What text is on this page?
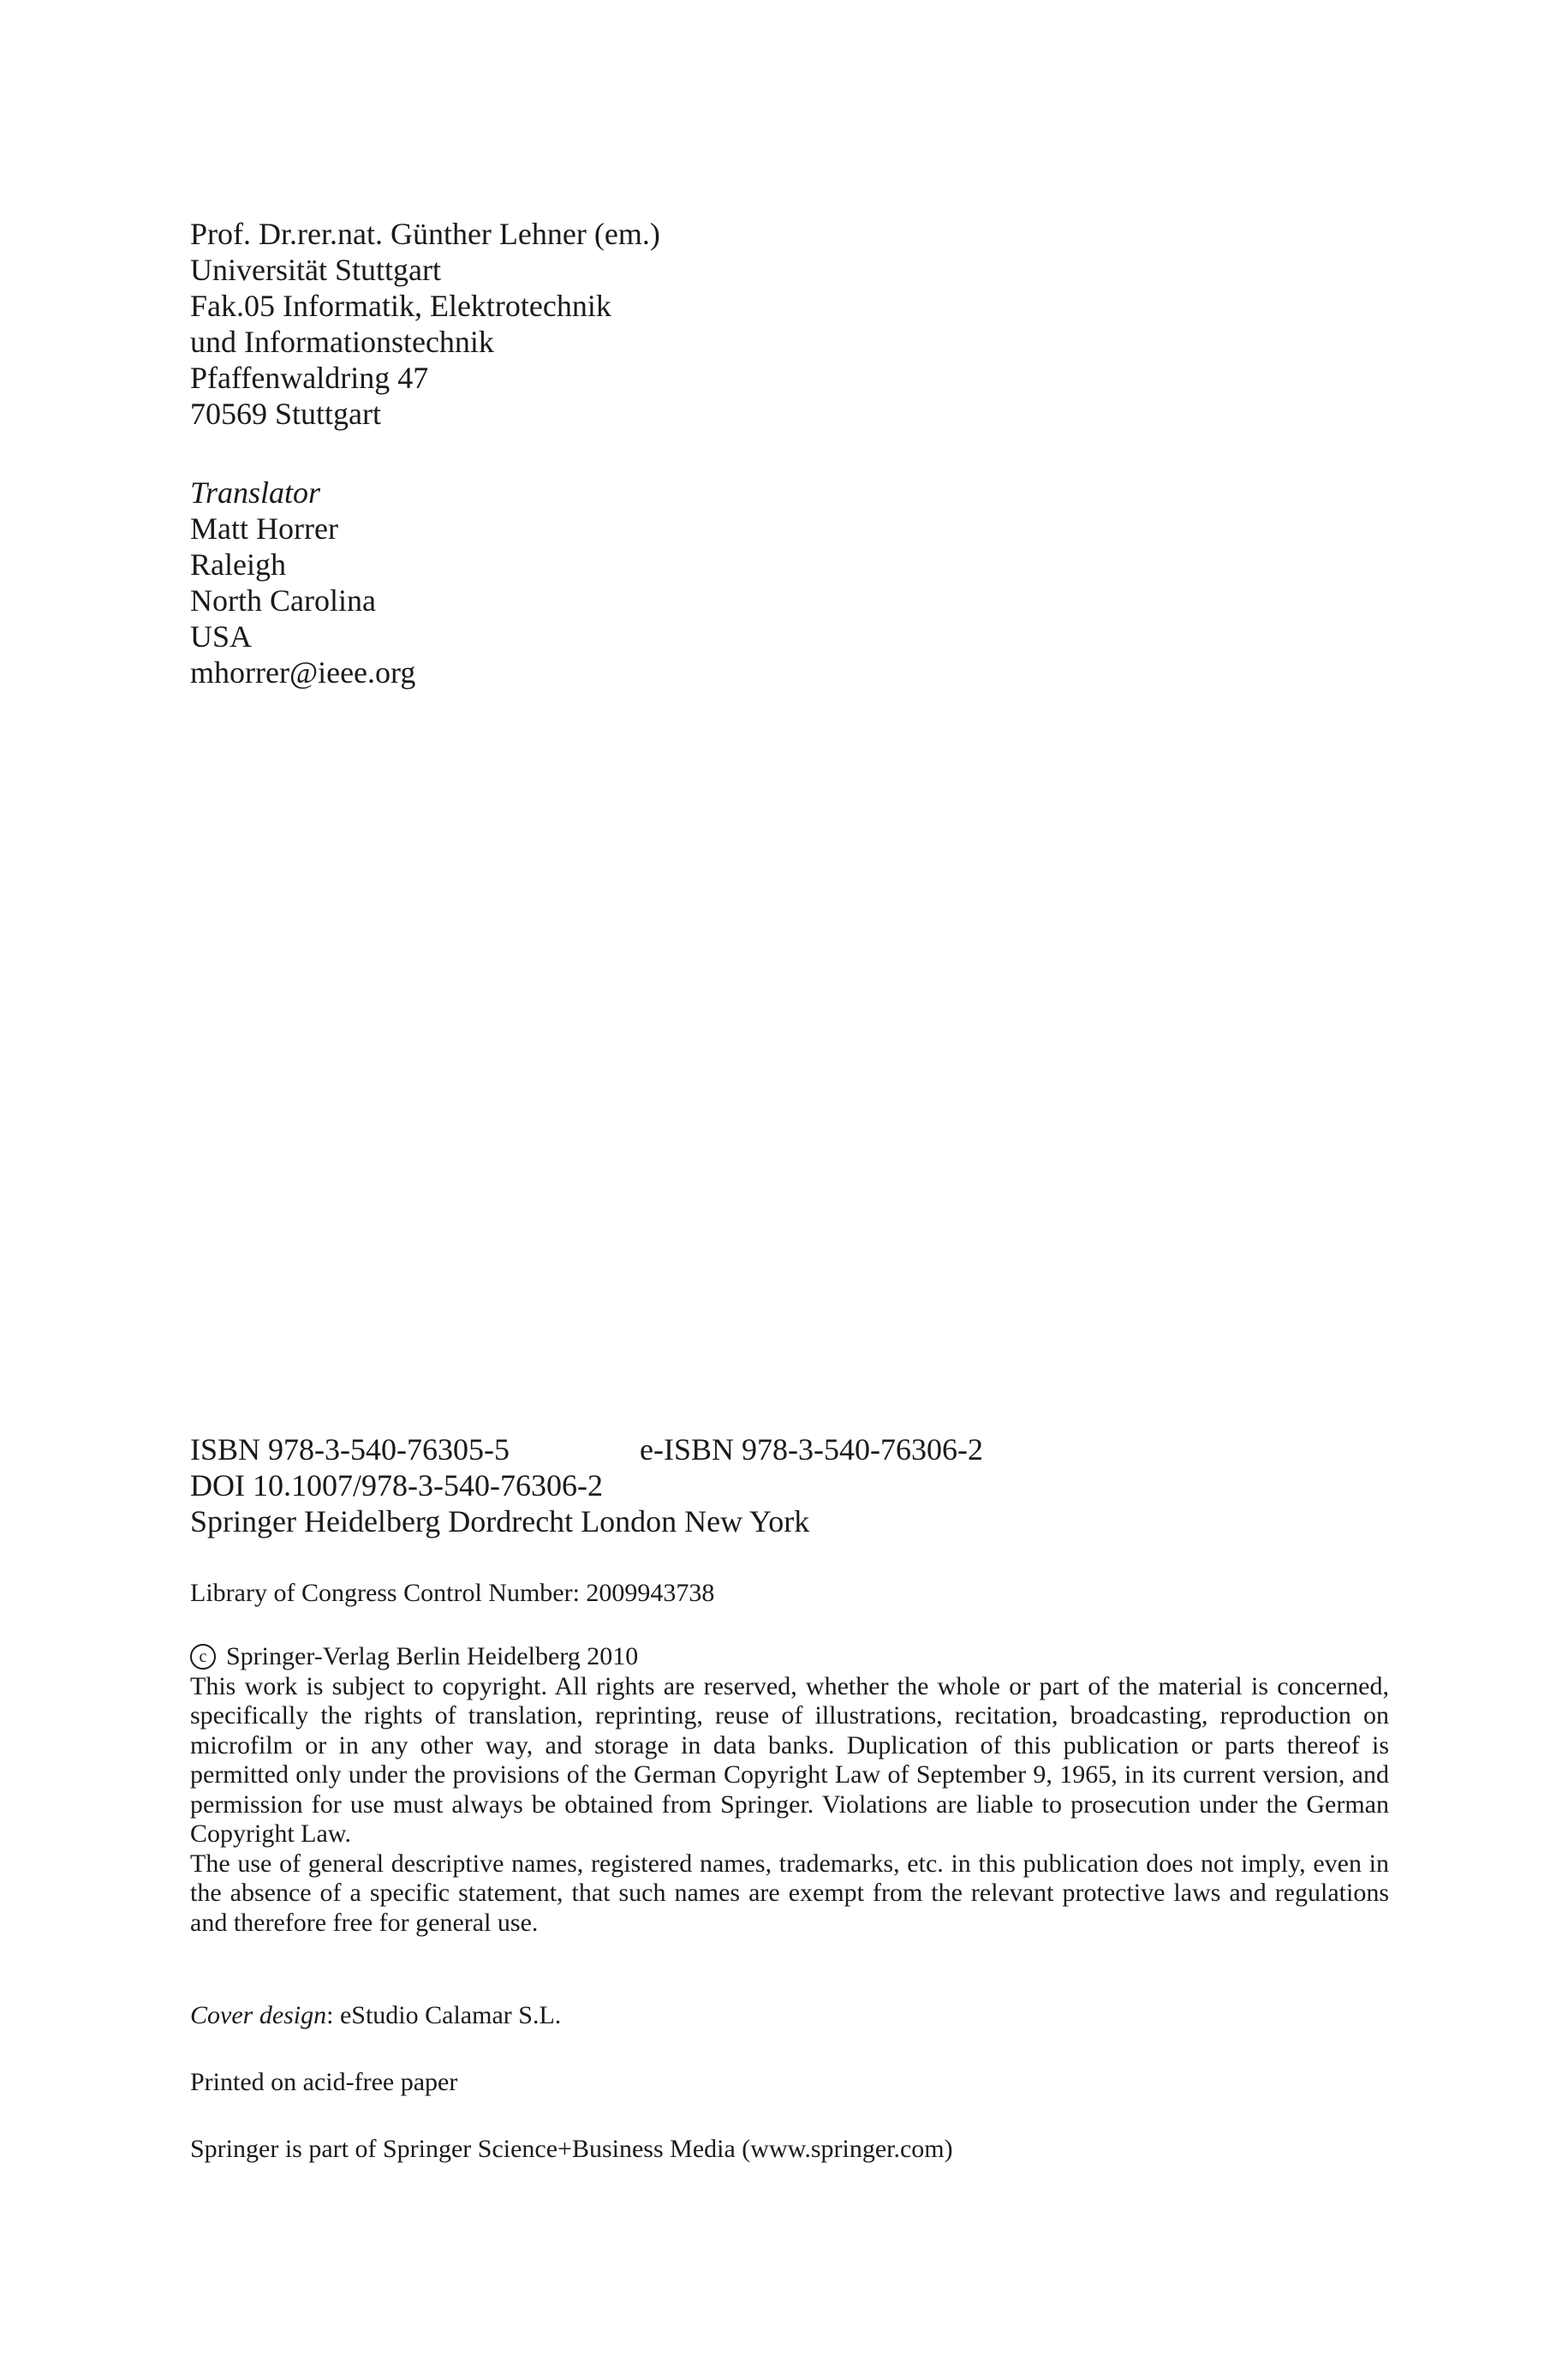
Prof. Dr.rer.nat. Günther Lehner (em.)

Universität Stuttgart

Fak.05 Informatik, Elektrotechnik

und Informationstechnik

Pfaffenwaldring 47

70569 Stuttgart

Translator

Matt Horrer

Raleigh

North Carolina

USA

mhorrer@ieee.org

ISBN 978-3-540-76305-5	e-ISBN 978-3-540-76306-2

DOI 10.1007/978-3-540-76306-2

Springer Heidelberg Dordrecht London New York

Library of Congress Control Number: 2009943738

c Springer-Verlag Berlin Heidelberg 2010

This work is subject to copyright. All rights are reserved, whether the whole or part of the material is concerned, specifically the rights of translation, reprinting, reuse of illustrations, recitation, broadcasting, reproduction on microfilm or in any other way, and storage in data banks. Duplication of this publication or parts thereof is permitted only under the provisions of the German Copyright Law of September 9, 1965, in its current version, and permission for use must always be obtained from Springer. Violations are liable to prosecution under the German Copyright Law.

The use of general descriptive names, registered names, trademarks, etc. in this publication does not imply, even in the absence of a specific statement, that such names are exempt from the relevant protective laws and regulations and therefore free for general use.

Cover design: eStudio Calamar S.L.

Printed on acid-free paper

Springer is part of Springer Science+Business Media (www.springer.com)
